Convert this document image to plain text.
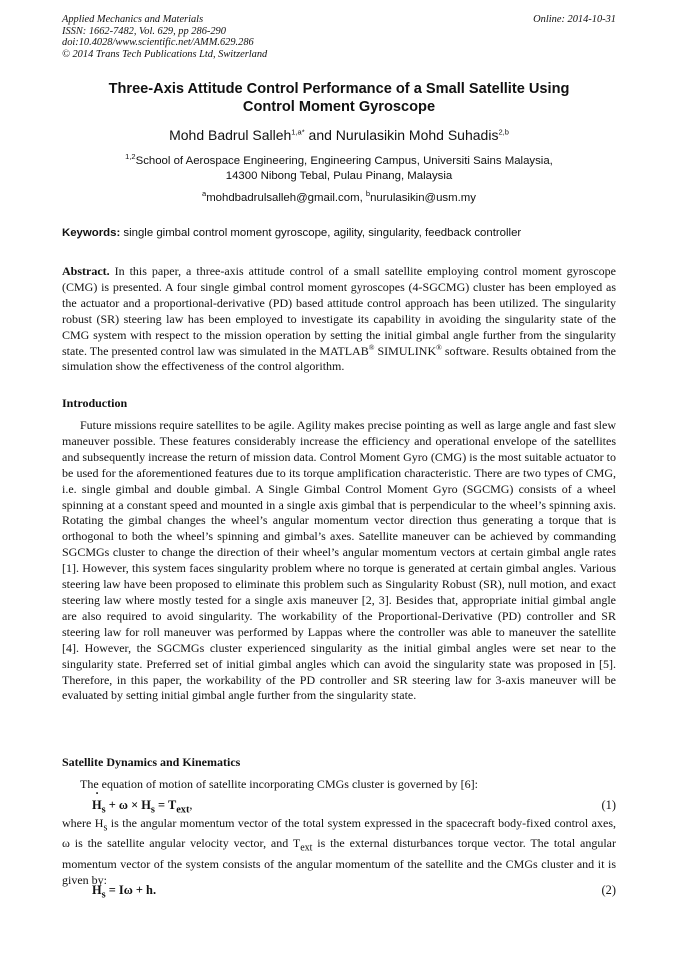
Applied Mechanics and Materials
ISSN: 1662-7482, Vol. 629, pp 286-290
doi:10.4028/www.scientific.net/AMM.629.286
© 2014 Trans Tech Publications Ltd, Switzerland
Online: 2014-10-31
Three-Axis Attitude Control Performance of a Small Satellite Using
Control Moment Gyroscope
Mohd Badrul Salleh$^{1,a*}$ and Nurulasikin Mohd Suhadis$^{2,b}$
$^{1,2}$School of Aerospace Engineering, Engineering Campus, Universiti Sains Malaysia,
14300 Nibong Tebal, Pulau Pinang, Malaysia
$^a$mohdbadrulsalleh@gmail.com, $^b$nurulasikin@usm.my
Keywords: single gimbal control moment gyroscope, agility, singularity, feedback controller
Abstract. In this paper, a three-axis attitude control of a small satellite employing control moment gyroscope (CMG) is presented. A four single gimbal control moment gyroscopes (4-SGCMG) cluster has been employed as the actuator and a proportional-derivative (PD) based attitude control approach has been utilized. The singularity robust (SR) steering law has been employed to investigate its capability in avoiding the singularity state of the CMG system with respect to the mission operation by setting the initial gimbal angle further from the singularity state. The presented control law was simulated in the MATLAB® SIMULINK® software. Results obtained from the simulation show the effectiveness of the control algorithm.
Introduction
Future missions require satellites to be agile. Agility makes precise pointing as well as large angle and fast slew maneuver possible. These features considerably increase the efficiency and operational envelope of the satellites and subsequently increase the return of mission data. Control Moment Gyro (CMG) is the most suitable actuator to be used for the aforementioned features due to its torque amplification characteristic. There are two types of CMG, i.e. single gimbal and double gimbal. A Single Gimbal Control Moment Gyro (SGCMG) consists of a wheel spinning at a constant speed and mounted in a single axis gimbal that is perpendicular to the wheel’s spinning axis. Rotating the gimbal changes the wheel’s angular momentum vector direction thus generating a torque that is orthogonal to both the wheel’s spinning and gimbal’s axes. Satellite maneuver can be achieved by commanding SGCMGs cluster to change the direction of their wheel’s angular momentum vectors at certain gimbal angle rates [1]. However, this system faces singularity problem where no torque is generated at certain gimbal angles. Various steering law have been proposed to eliminate this problem such as Singularity Robust (SR), null motion, and exact steering law where mostly tested for a single axis maneuver [2, 3]. Besides that, appropriate initial gimbal angle are also required to avoid singularity. The workability of the Proportional-Derivative (PD) controller and SR steering law for roll maneuver was performed by Lappas where the controller was able to maneuver the satellite [4]. However, the SGCMGs cluster experienced singularity as the initial gimbal angles were set near to the singularity state. Preferred set of initial gimbal angles which can avoid the singularity state was proposed in [5]. Therefore, in this paper, the workability of the PD controller and SR steering law for 3-axis maneuver will be evaluated by setting initial gimbal angle further from the singularity state.
Satellite Dynamics and Kinematics
The equation of motion of satellite incorporating CMGs cluster is governed by [6]:
H $˙_s + \omega \times H_s = T_{ext}$,	(1)
where $H_s$ is the angular momentum vector of the total system expressed in the spacecraft body-fixed control axes, ω is the satellite angular velocity vector, and $T_{ext}$ is the external disturbances torque vector. The total angular momentum vector of the system consists of the angular momentum of the satellite and the CMGs cluster and it is given by:
$H_s = I\omega + h$.	(2)
